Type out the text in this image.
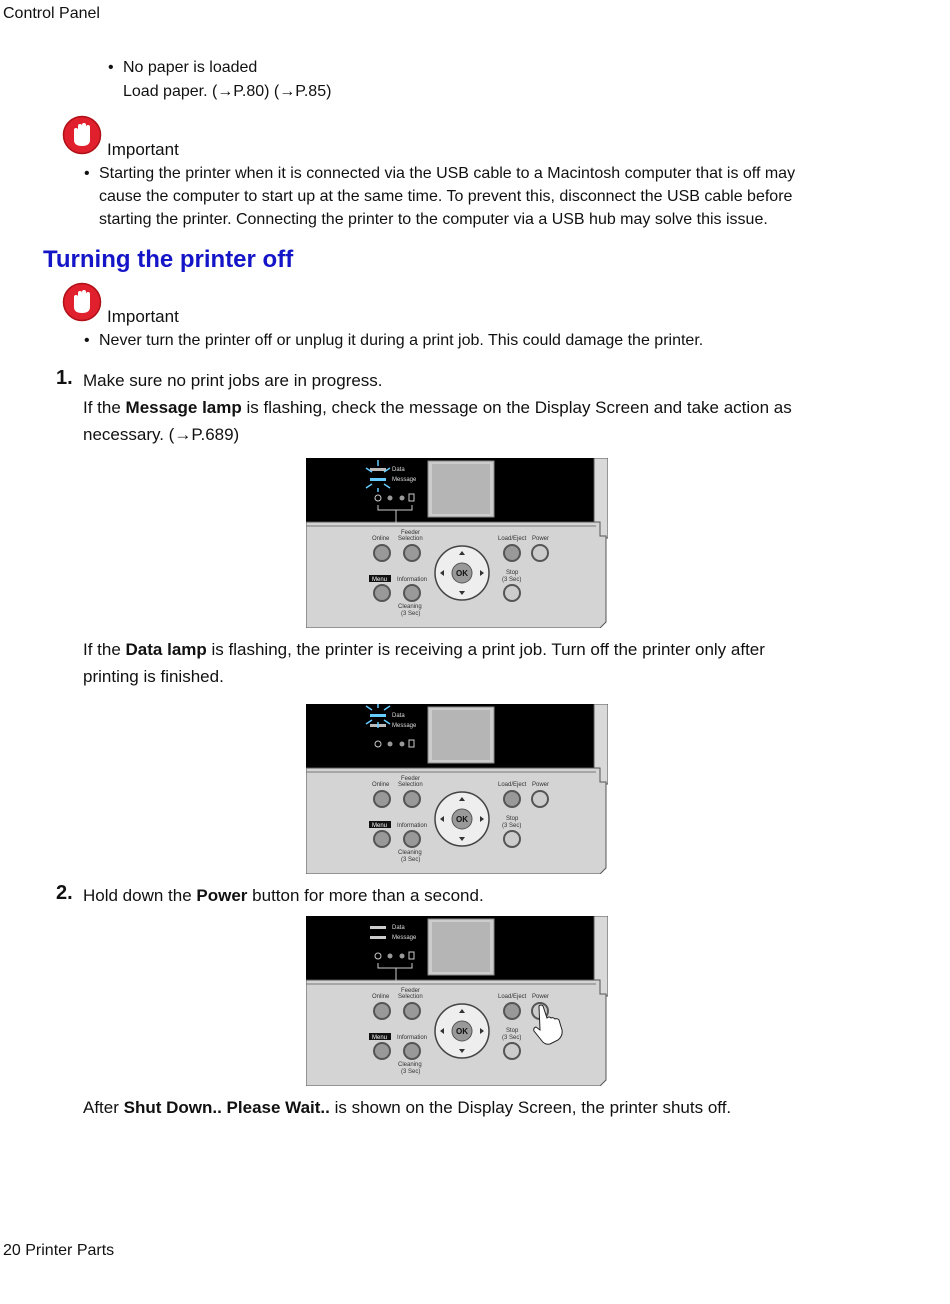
Control Panel
• No paper is loaded
Load paper. (→P.80) (→P.85)
Important
• Starting the printer when it is connected via the USB cable to a Macintosh computer that is off may
cause the computer to start up at the same time. To prevent this, disconnect the USB cable before
starting the printer. Connecting the printer to the computer via a USB hub may solve this issue.
Turning the printer off
Important
• Never turn the printer off or unplug it during a print job. This could damage the printer.
1. Make sure no print jobs are in progress.
If the Message lamp is flashing, check the message on the Display Screen and take action as
necessary. (→P.689)
Data
Message
Online
Feeder
Selection
Menu Information
Cleaning
(3 Sec)
OK
Load/Eject Power
Stop
(3 Sec)
If the Data lamp is flashing, the printer is receiving a print job. Turn off the printer only after
printing is finished.
Data
Message
Online
Feeder
Selection
Menu Information
Cleaning
(3 Sec)
OK
Load/Eject Power
Stop
(3 Sec)
2. Hold down the Power button for more than a second.
Data
Message
Online
Feeder
Selection
Menu Information
Cleaning
(3 Sec)
OK
Load/Eject Power
Stop
(3 Sec)
After Shut Down.. Please Wait.. is shown on the Display Screen, the printer shuts off.
20 Printer Parts
